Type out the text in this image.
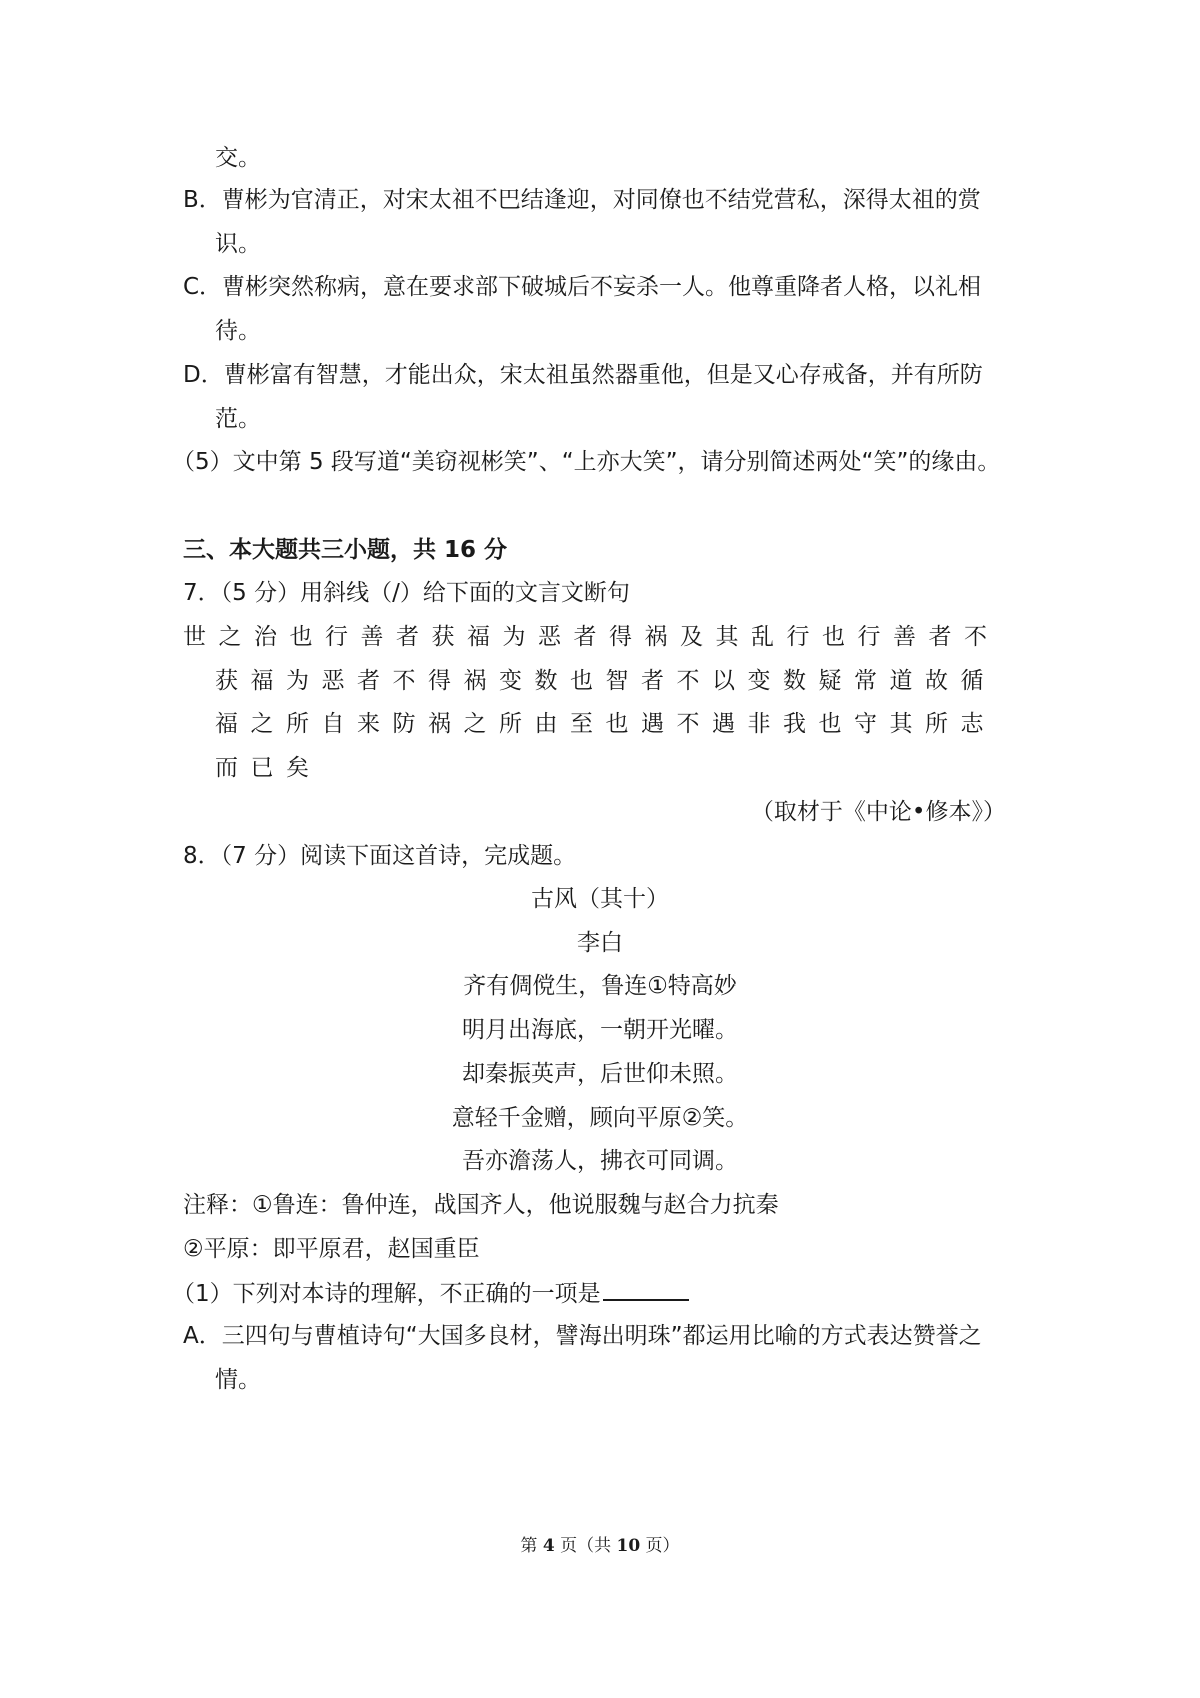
交。

B．曹彬为官清正，对宋太祖不巴结逢迎，对同僚也不结党营私，深得太祖的赏

识。

C．曹彬突然称病，意在要求部下破城后不妄杀一人。他尊重降者人格，以礼相

待。

D．曹彬富有智慧，才能出众，宋太祖虽然器重他，但是又心存戒备，并有所防

范。

（5）文中第 5 段写道“美窃视彬笑”、“上亦大笑”，请分别简述两处“笑”的缘由。

三、本大题共三小题，共 16 分

7．（5 分）用斜线（/）给下面的文言文断句

世之治也行善者获福为恶者得祸及其乱行也行善者不

获福为恶者不得祸变数也智者不以变数疑常道故循

福之所自来防祸之所由至也遇不遇非我也守其所志

而已矣

（取材于《中论•修本》）

8．（7 分）阅读下面这首诗，完成题。

古风（其十）

李白

齐有倜傥生，鲁连①特高妙

明月出海底，一朝开光曜。

却秦振英声，后世仰未照。

意轻千金赠，顾向平原②笑。

吾亦澹荡人，拂衣可同调。

注释：①鲁连：鲁仲连，战国齐人，他说服魏与赵合力抗秦

②平原：即平原君，赵国重臣

（1）下列对本诗的理解，不正确的一项是

A．三四句与曹植诗句“大国多良材，譬海出明珠”都运用比喻的方式表达赞誉之

情。

第 4 页（共 10 页）
